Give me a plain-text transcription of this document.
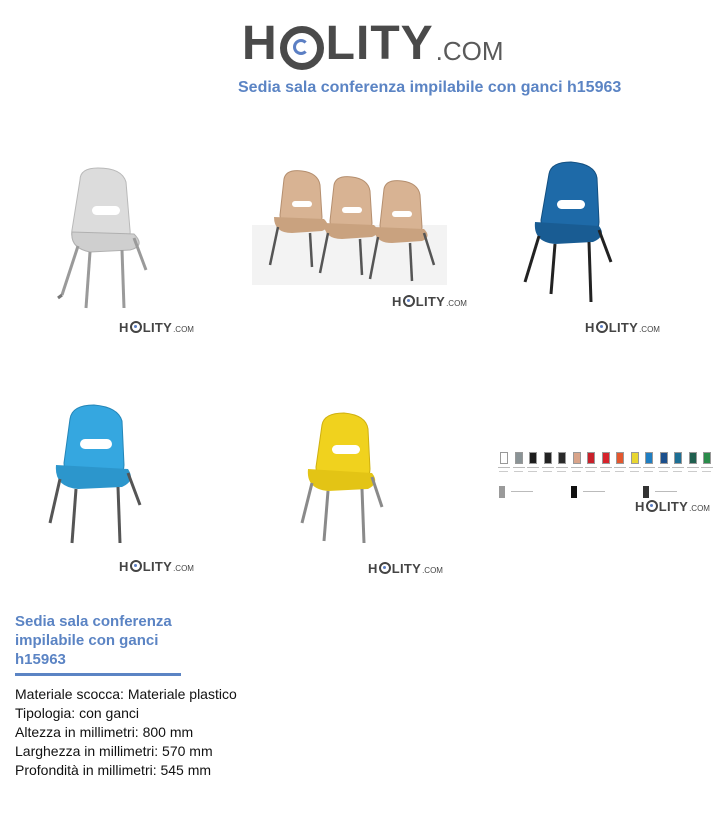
H LITY .COM
Sedia sala conferenza impilabile con ganci h15963
H LITY .COM
H LITY .COM
H LITY .COM
H LITY .COM	H LITY .COM
H LITY .COM
Sedia sala conferenza impilabile con ganci h15963
Materiale scocca: Materiale plastico
Tipologia: con ganci
Altezza in millimetri: 800 mm
Larghezza in millimetri: 570 mm
Profondità in millimetri: 545 mm
